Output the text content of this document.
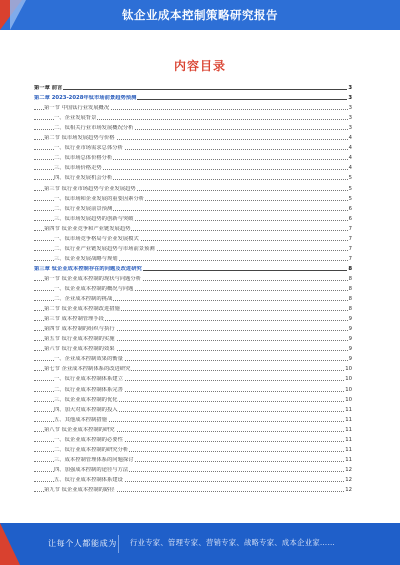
钛企业成本控制策略研究报告
内容目录
第一章 前言	3
第二章 2023-2028年钛市场前景趋势预测	3
第一节 中国钛行业发展概况	3
一、企业发展背景	3
二、钛相关行业市场发展概况分析	3
第二节 钛市场发展趋势与价格	4
一、钛行业市场需求总体分析	4
二、钛市场总体价格分析	4
三、钛市场价格走势	4
四、钛行业发展机会分析	5
第三节 钛行业市场趋势与企业发展趋势	5
一、钛市场和企业发展的重要因素分析	5
二、钛行业发展前景预测	6
三、钛市场发展趋势的创新与突破	6
第四节 钛企业竞争和产业链发展趋势	7
一、钛市场竞争格局与企业发展模式	7
二、钛行业产业链发展趋势与市场前景预测	7
三、钛企业发展战略与规划	7
第三章 钛企业成本控制存在的问题及改进研究	8
第一节 钛企业成本控制的现状与问题分析	8
一、钛企业成本控制的概况与问题	8
二、企业成本控制的挑战	8
第二节 钛企业成本控制改进措施	8
第三节 成本控制管理手段	9
第四节 成本控制的组织与执行	9
第五节 钛行业成本控制的实施	9
第六节 钛行业成本控制的效果	9
一、企业成本控制效果的衡量	9
第七节 企业成本控制体系的改进研究	10
一、钛行业成本控制体系建立	10
二、钛行业成本控制体系完善	10
三、钛企业成本控制的优化	10
四、加大对成本控制的投入	11
五、其他成本控制措施	11
第八节 钛企业成本控制的研究	11
一、钛企业成本控制的必要性	11
二、钛行业成本控制的研究分析	11
三、成本控制管理体系的问题探讨	11
四、加强成本控制的途径与方法	12
五、钛行业成本控制体系建设	12
第九节 钛企业成本控制的路径	12
让每个人都能成为 行业专家、管理专家、营销专家、战略专家、成本企业家……
